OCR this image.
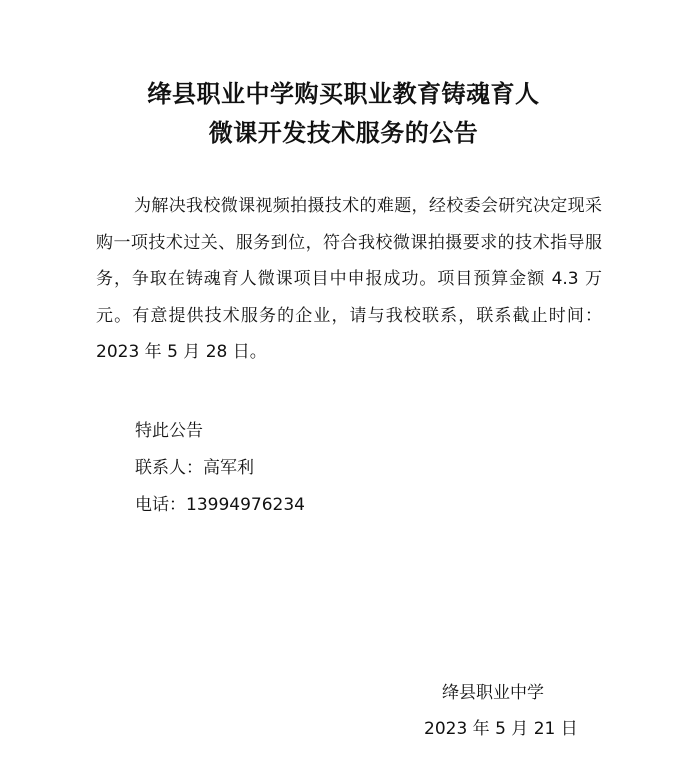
绛县职业中学购买职业教育铸魂育人
微课开发技术服务的公告

为解决我校微课视频拍摄技术的难题，经校委会研究决定现采购一项技术过关、服务到位，符合我校微课拍摄要求的技术指导服务，争取在铸魂育人微课项目中申报成功。项目预算金额 4.3 万元。有意提供技术服务的企业，请与我校联系，联系截止时间：2023 年 5 月 28 日。

特此公告

联系人：高军利

电话：13994976234

绛县职业中学
2023 年 5 月 21 日
